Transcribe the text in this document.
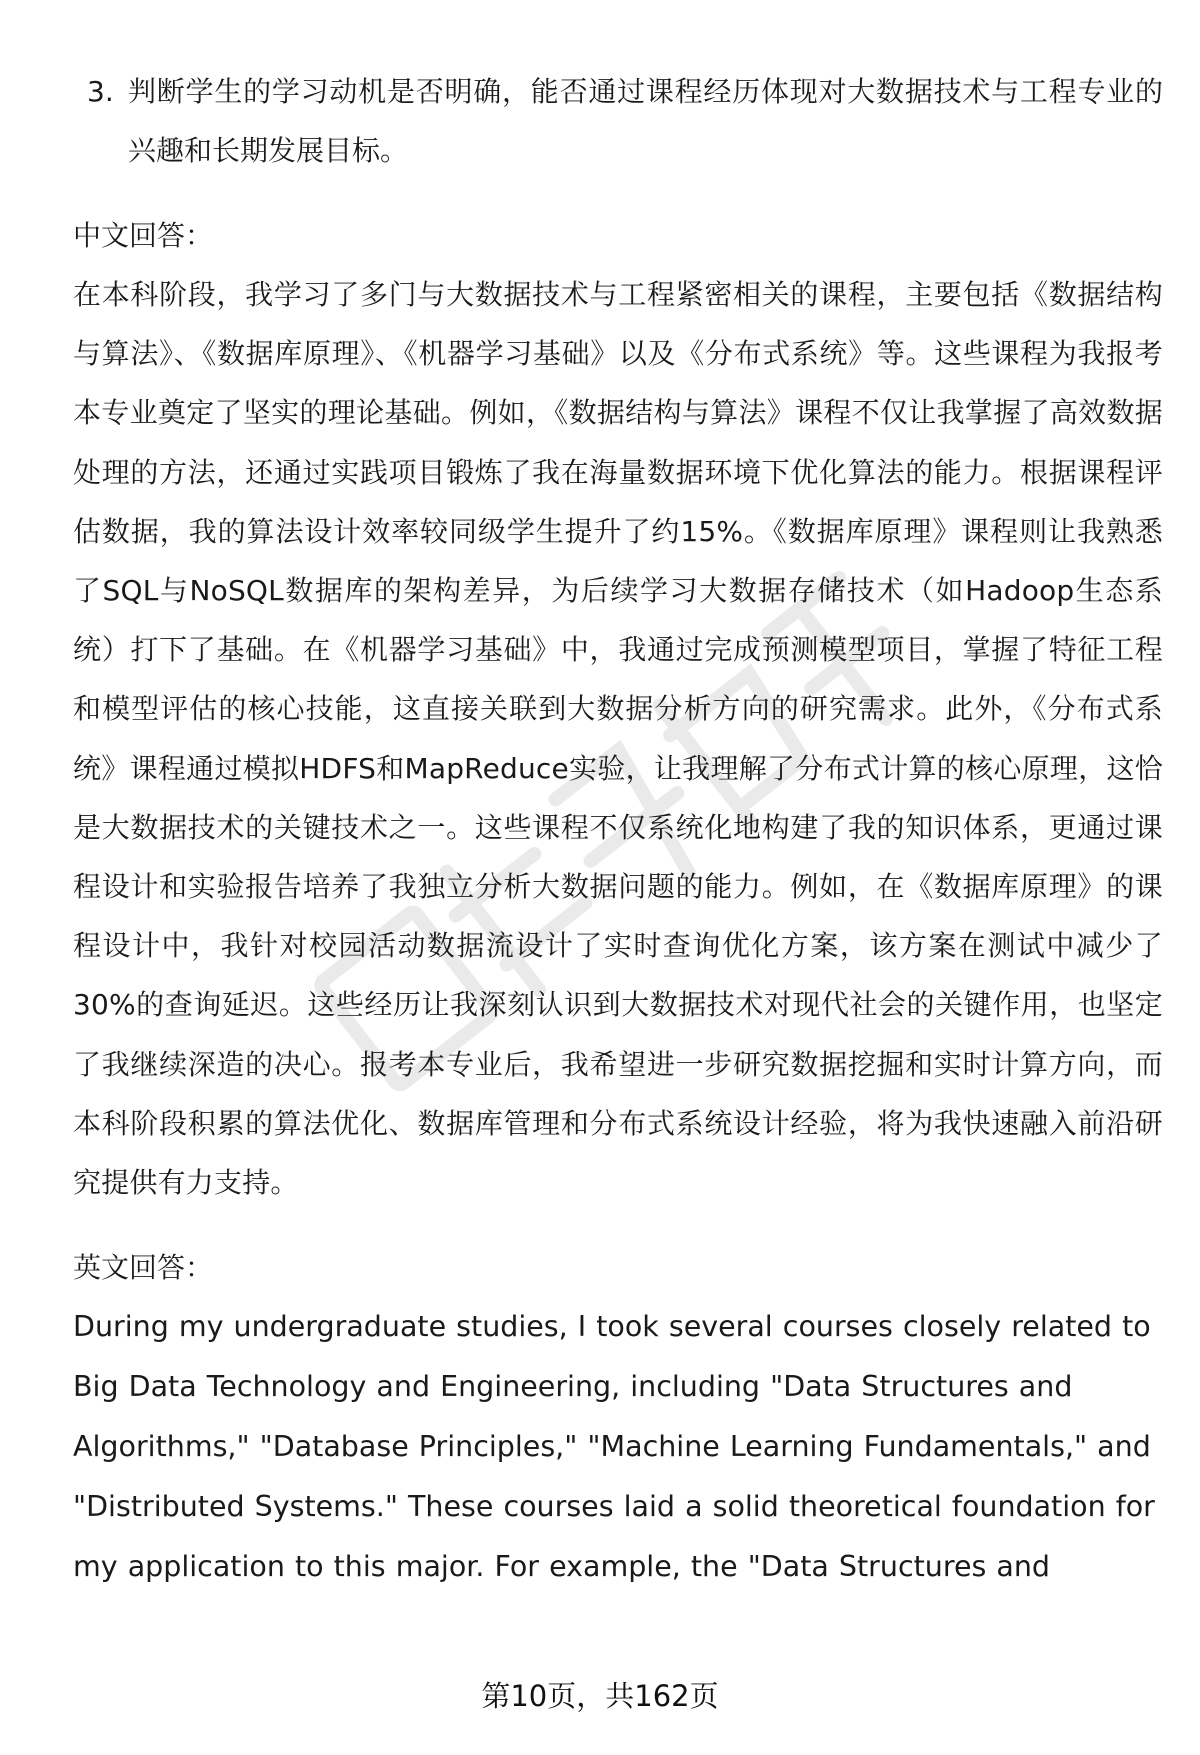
3. 判断学生的学习动机是否明确，能否通过课程经历体现对大数据技术与工程专业的兴趣和长期发展目标。
中文回答：
在本科阶段，我学习了多门与大数据技术与工程紧密相关的课程，主要包括《数据结构与算法》、《数据库原理》、《机器学习基础》以及《分布式系统》等。这些课程为我报考本专业奠定了坚实的理论基础。例如，《数据结构与算法》课程不仅让我掌握了高效数据处理的方法，还通过实践项目锻炼了我在海量数据环境下优化算法的能力。根据课程评估数据，我的算法设计效率较同级学生提升了约15%。《数据库原理》课程则让我熟悉了SQL与NoSQL数据库的架构差异，为后续学习大数据存储技术（如Hadoop生态系统）打下了基础。在《机器学习基础》中，我通过完成预测模型项目，掌握了特征工程和模型评估的核心技能，这直接关联到大数据分析方向的研究需求。此外，《分布式系统》课程通过模拟HDFS和MapReduce实验，让我理解了分布式计算的核心原理，这恰是大数据技术的关键技术之一。这些课程不仅系统化地构建了我的知识体系，更通过课程设计和实验报告培养了我独立分析大数据问题的能力。例如，在《数据库原理》的课程设计中，我针对校园活动数据流设计了实时查询优化方案，该方案在测试中减少了30%的查询延迟。这些经历让我深刻认识到大数据技术对现代社会的关键作用，也坚定了我继续深造的决心。报考本专业后，我希望进一步研究数据挖掘和实时计算方向，而本科阶段积累的算法优化、数据库管理和分布式系统设计经验，将为我快速融入前沿研究提供有力支持。
英文回答：
During my undergraduate studies, I took several courses closely related to Big Data Technology and Engineering, including "Data Structures and Algorithms," "Database Principles," "Machine Learning Fundamentals," and "Distributed Systems." These courses laid a solid theoretical foundation for my application to this major. For example, the "Data Structures and
第10页，共162页
